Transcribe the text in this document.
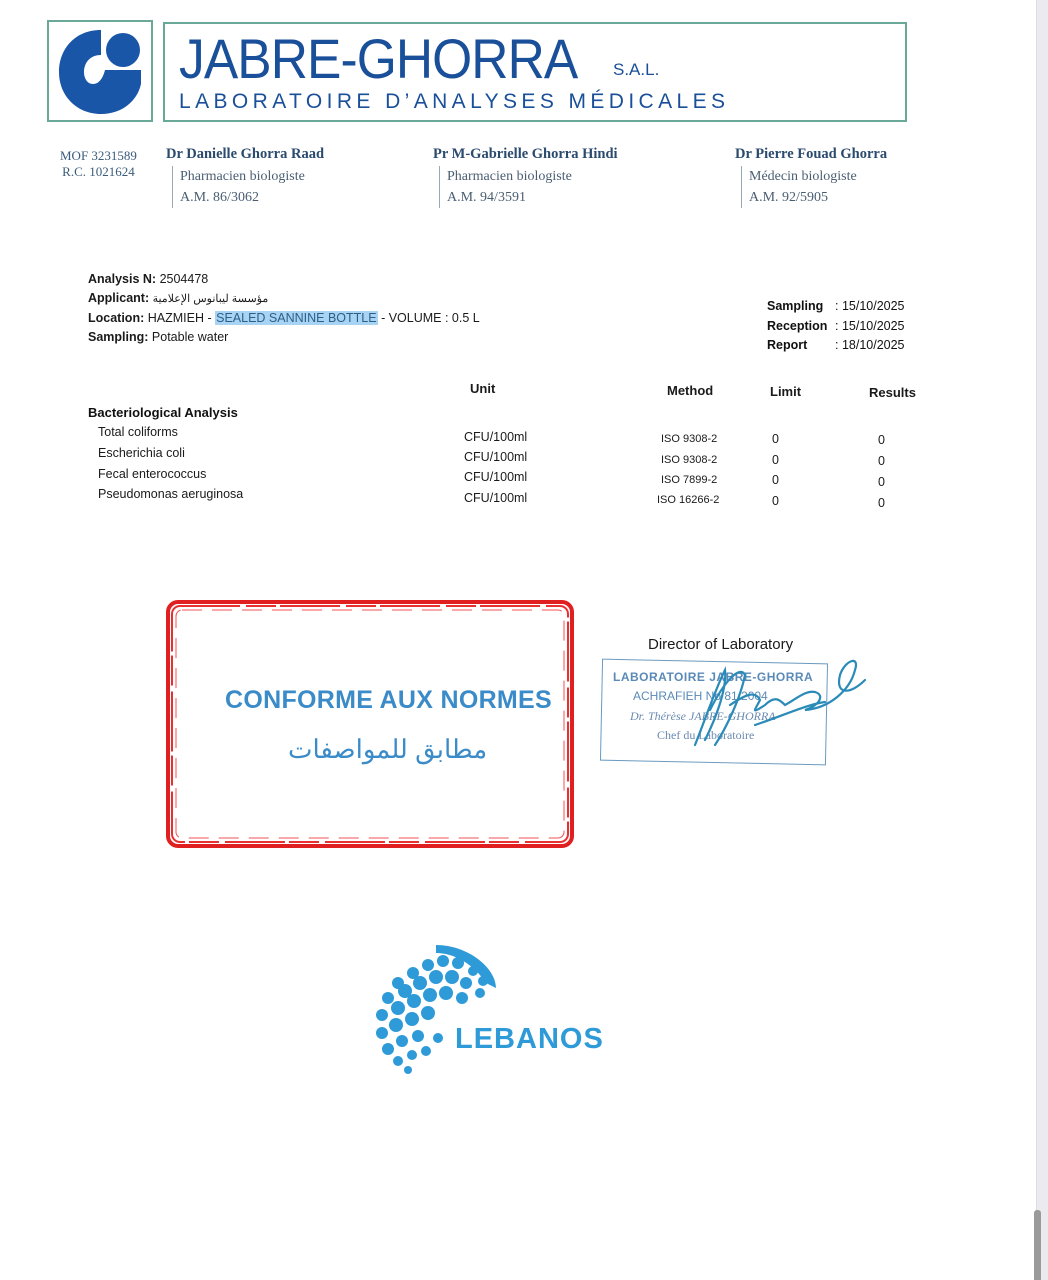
JABRE-GHORRA S.A.L.
LABORATOIRE D’ANALYSES MÉDICALES
MOF 3231589
R.C. 1021624
Dr Danielle Ghorra Raad
Pharmacien biologiste
A.M. 86/3062
Pr M-Gabrielle Ghorra Hindi
Pharmacien biologiste
A.M. 94/3591
Dr Pierre Fouad Ghorra
Médecin biologiste
A.M. 92/5905
Analysis N: 2504478
Applicant: مؤسسة ليبانوس الإعلامية
Location: HAZMIEH - SEALED SANNINE BOTTLE - VOLUME : 0.5 L
Sampling: Potable water
Sampling : 15/10/2025
Reception : 15/10/2025
Report	: 18/10/2025
Unit	Method	Limit	Results
Bacteriological Analysis
Total coliforms	CFU/100ml	ISO 9308-2	0	0
Escherichia coli	CFU/100ml	ISO 9308-2	0	0
Fecal enterococcus	CFU/100ml	ISO 7899-2	0	0
Pseudomonas aeruginosa	CFU/100ml	ISO 16266-2	0	0
CONFORME AUX NORMES
مطابق للمواصفات
Director of Laboratory
LABORATOIRE JABRE-GHORRA
ACHRAFIEH No 81/2004
Dr. Thérèse JABRE-GHORRA
Chef du Laboratoire
LEBANOS
